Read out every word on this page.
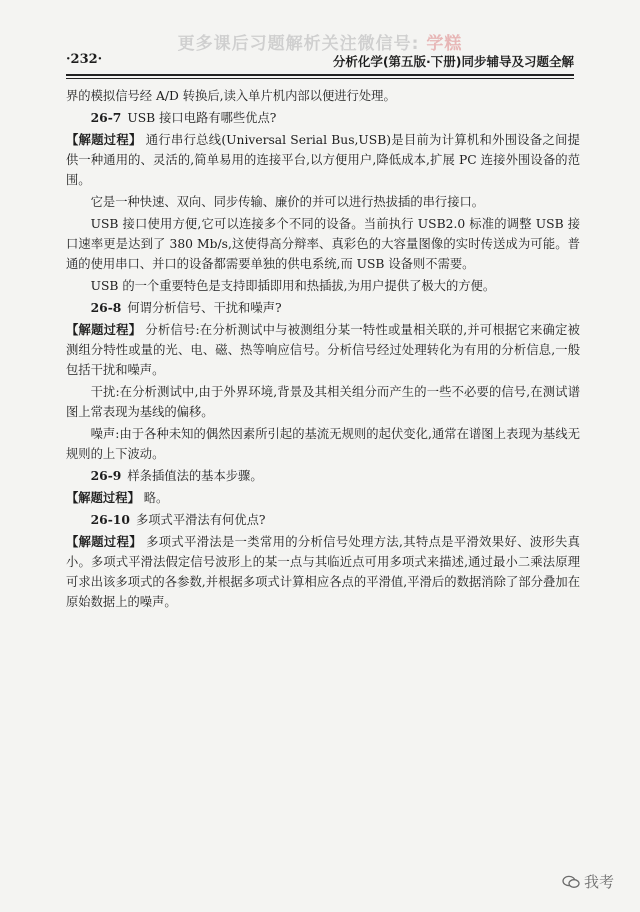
更多课后习题解析关注微信号: 学糕
·232·	分析化学(第五版·下册)同步辅导及习题全解

界的模拟信号经 A/D 转换后,读入单片机内部以便进行处理。

26-7 USB 接口电路有哪些优点?

【解题过程】 通行串行总线(Universal Serial Bus,USB)是目前为计算机和外围设备之间提供一种通用的、灵活的,简单易用的连接平台,以方便用户,降低成本,扩展 PC 连接外围设备的范围。

它是一种快速、双向、同步传输、廉价的并可以进行热拔插的串行接口。

USB 接口使用方便,它可以连接多个不同的设备。当前执行 USB2.0 标准的调整 USB 接口速率更是达到了 380 Mb/s,这使得高分辩率、真彩色的大容量图像的实时传送成为可能。普通的使用串口、并口的设备都需要单独的供电系统,而 USB 设备则不需要。

USB 的一个重要特色是支持即插即用和热插拔,为用户提供了极大的方便。

26-8 何谓分析信号、干扰和噪声?

【解题过程】 分析信号:在分析测试中与被测组分某一特性或量相关联的,并可根据它来确定被测组分特性或量的光、电、磁、热等响应信号。分析信号经过处理转化为有用的分析信息,一般包括干扰和噪声。

干扰:在分析测试中,由于外界环境,背景及其相关组分而产生的一些不必要的信号,在测试谱图上常表现为基线的偏移。

噪声:由于各种未知的偶然因素所引起的基流无规则的起伏变化,通常在谱图上表现为基线无规则的上下波动。

26-9 样条插值法的基本步骤。

【解题过程】 略。

26-10 多项式平滑法有何优点?

【解题过程】 多项式平滑法是一类常用的分析信号处理方法,其特点是平滑效果好、波形失真小。多项式平滑法假定信号波形上的某一点与其临近点可用多项式来描述,通过最小二乘法原理可求出该多项式的各参数,并根据多项式计算相应各点的平滑值,平滑后的数据消除了部分叠加在原始数据上的噪声。

我考
